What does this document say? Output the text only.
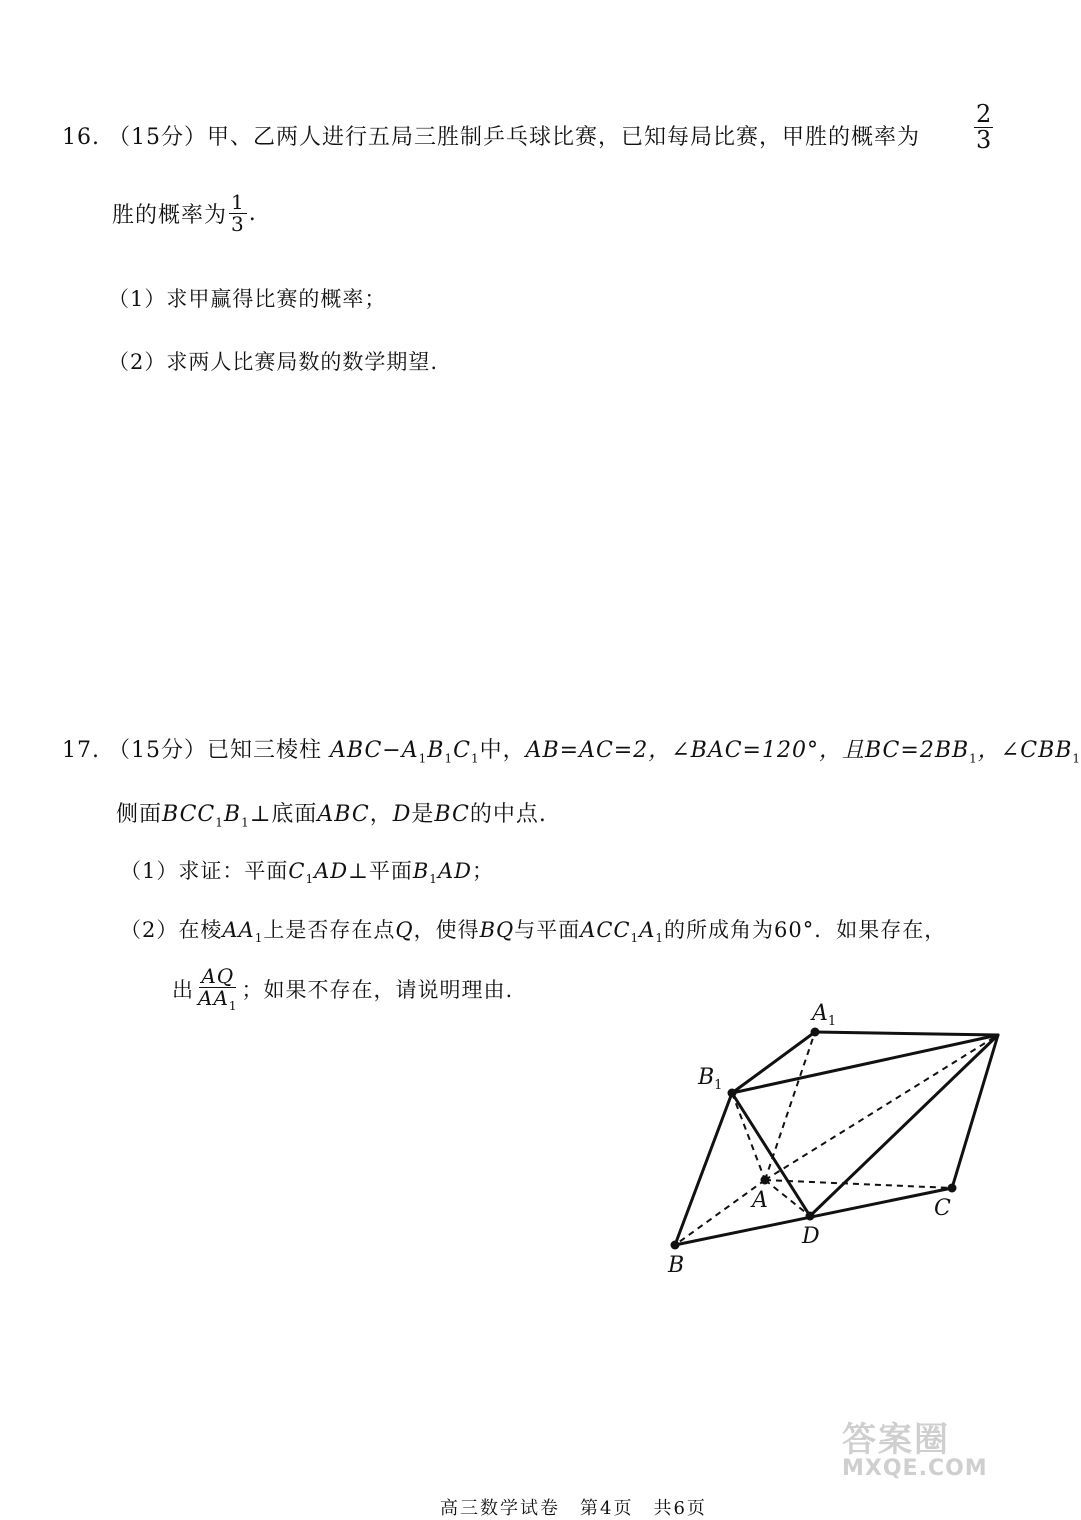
16. （15分）甲、乙两人进行五局三胜制乒乓球比赛，已知每局比赛，甲胜的概率为 $\frac{2}{3}$
胜的概率为 $\frac{1}{3}$ .
（1）求甲赢得比赛的概率；
（2）求两人比赛局数的数学期望.
17. （15分）已知三棱柱 $ABC-A_1B_1C_1$中，AB=AC=2，∠BAC=120°，且$BC=2BB_1$，$\angle CBB_1$
侧面$BCC_1B_1\perp$底面ABC，D是BC的中点.
（1）求证：平面$C_1AD\perp$平面$B_1AD$；
（2）在棱$AA_1$上是否存在点Q，使得BQ与平面$ACC_1A_1$的所成角为60°．如果存在，
出 $\frac{AQ}{AA_1}$ ；如果不存在，请说明理由.
$A_1$
$B_1$
A
B
C
D
答案圈
MXQE.COM
高三数学试卷　第4页　共6页
